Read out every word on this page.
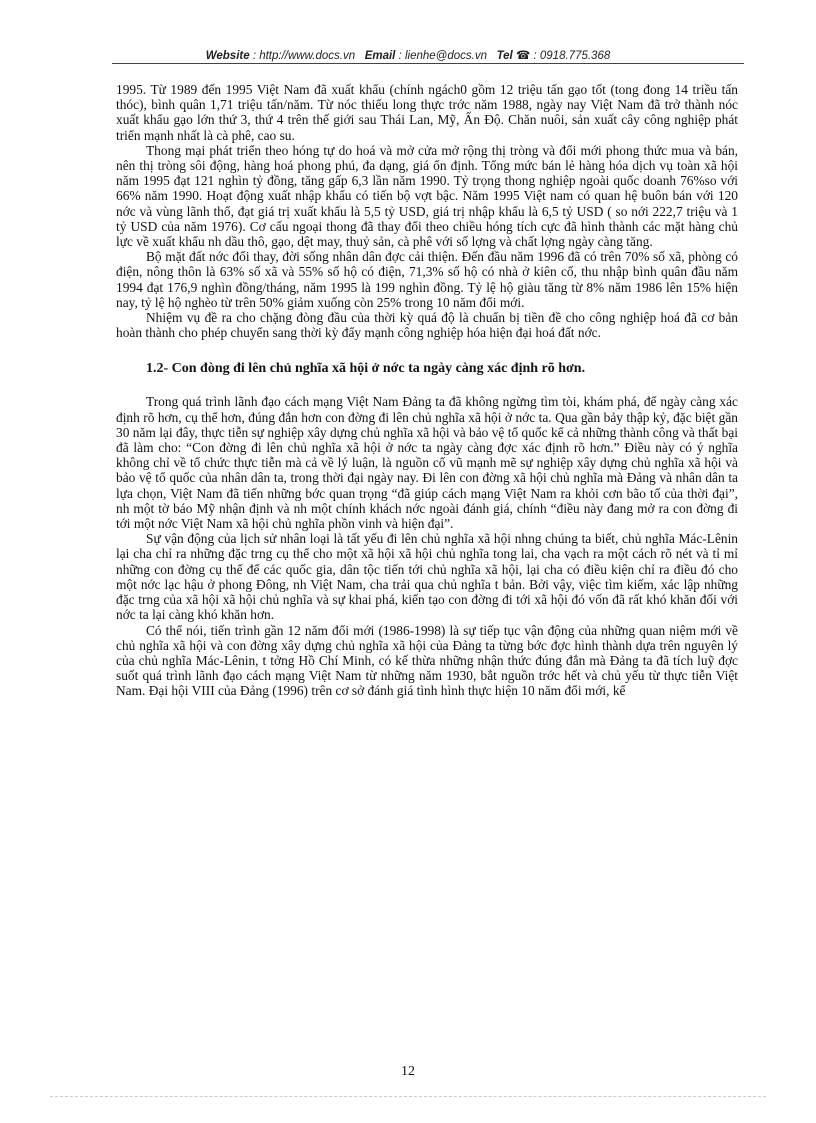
Website : http://www.docs.vn Email : lienhe@docs.vn Tel ☎ : 0918.775.368

1995. Từ 1989 đến 1995 Việt Nam đã xuất khẩu (chính ngách0 gồm 12 triệu tấn gạo tốt (tong đong 14 triều tấn thóc), bình quân 1,71 triệu tấn/năm. Từ nóc thiếu long thực trớc năm 1988, ngày nay Việt Nam đã trở thành nóc xuất khẩu gạo lớn thứ 3, thứ 4 trên thế giới sau Thái Lan, Mỹ, Ấn Độ. Chăn nuôi, sản xuất cây công nghiệp phát triển mạnh nhất là cà phê, cao su.

Thong mại phát triển theo hóng tự do hoá và mở cửa mở rộng thị tròng và đổi mới phong thức mua và bán, nên thị tròng sôi động, hàng hoá phong phú, đa dạng, giá ổn định. Tổng mức bán lẻ hàng hóa dịch vụ toàn xã hội năm 1995 đạt 121 nghìn tỷ đồng, tăng gấp 6,3 lần năm 1990. Tỷ trọng thong nghiệp ngoài quốc doanh 76%so với 66% năm 1990. Hoạt động xuất nhập khẩu có tiến bộ vợt bậc. Năm 1995 Việt nam có quan hệ buôn bán với 120 nớc và vùng lãnh thổ, đạt giá trị xuất khẩu là 5,5 tỷ USD, giá trị nhập khẩu là 6,5 tỷ USD ( so nới 222,7 triệu và 1 tỷ USD của năm 1976). Cơ cấu ngoại thong đã thay đổi theo chiều hóng tích cực đã hình thành các mặt hàng chủ lực về xuất khẩu nh dầu thô, gạo, dệt may, thuỷ sản, cà phê với số lợng và chất lợng ngày càng tăng.

Bộ mặt đất nớc đổi thay, đời sống nhân dân đợc cải thiện. Đến đầu năm 1996 đã có trên 70% số xã, phòng có điện, nông thôn là 63% số xã và 55% số hộ có điện, 71,3% số hộ có nhà ở kiên cố, thu nhập bình quân đầu năm 1994 đạt 176,9 nghìn đồng/tháng, năm 1995 là 199 nghìn đồng. Tỷ lệ hộ giàu tăng từ 8% năm 1986 lên 15% hiện nay, tỷ lệ hộ nghèo từ trên 50% giảm xuống còn 25% trong 10 năm đổi mới.

Nhiệm vụ đề ra cho chặng đòng đầu của thời kỳ quá độ là chuẩn bị tiền đề cho công nghiệp hoá đã cơ bản hoàn thành cho phép chuyển sang thời kỳ đẩy mạnh công nghiệp hóa hiện đại hoá đất nớc.

1.2- Con đòng đi lên chủ nghĩa xã hội ở nớc ta ngày càng xác định rõ hơn.

Trong quá trình lãnh đạo cách mạng Việt Nam Đảng ta đã không ngừng tìm tòi, khám phá, để ngày càng xác định rõ hơn, cụ thể hơn, đúng đắn hơn con đờng đi lên chủ nghĩa xã hội ở nớc ta. Qua gần bảy thập kỷ, đặc biệt gần 30 năm lại đây, thực tiễn sự nghiệp xây dựng chủ nghĩa xã hội và bảo vệ tổ quốc kể cả những thành công và thất bại đã làm cho: “Con đờng đi lên chủ nghĩa xã hội ở nớc ta ngày càng đợc xác định rõ hơn.” Điều này có ý nghĩa không chỉ về tổ chức thực tiễn mà cả về lý luận, là nguồn cổ vũ mạnh mẽ sự nghiệp xây dựng chủ nghĩa xã hội và bảo vệ tổ quốc của nhân dân ta, trong thời đại ngày nay. Đi lên con đờng xã hội chủ nghĩa mà Đảng và nhân dân ta lựa chọn, Việt Nam đã tiến những bớc quan trọng “đã giúp cách mạng Việt Nam ra khỏi cơn bão tố của thời đại”, nh một tờ báo Mỹ nhận định và nh một chính khách nớc ngoài đánh giá, chính “điều này đang mở ra con đờng đi tới một nớc Việt Nam xã hội chủ nghĩa phồn vinh và hiện đại”.

Sự vận động của lịch sử nhân loại là tất yếu đi lên chủ nghĩa xã hội nhng chúng ta biết, chủ nghĩa Mác-Lênin lại cha chỉ ra những đặc trng cụ thể cho một xã hội xã hội chủ nghĩa tong lai, cha vạch ra một cách rõ nét và tỉ mỉ những con đờng cụ thể để các quốc gia, dân tộc tiến tới chủ nghĩa xã hội, lại cha có điều kiện chỉ ra điều đó cho một nớc lạc hậu ở phong Đông, nh Việt Nam, cha trải qua chủ nghĩa t bản. Bởi vậy, việc tìm kiếm, xác lập những đặc trng của xã hội xã hội chủ nghĩa và sự khai phá, kiến tạo con đờng đi tới xã hội đó vốn đã rất khó khăn đối với nớc ta lại càng khó khăn hơn.

Có thể nói, tiến trình gần 12 năm đổi mới (1986-1998) là sự tiếp tục vận động của những quan niệm mới về chủ nghĩa xã hội và con đờng xây dựng chủ nghĩa xã hội của Đảng ta từng bớc đợc hình thành dựa trên nguyên lý của chủ nghĩa Mác-Lênin, t tởng Hồ Chí Minh, có kế thừa những nhận thức đúng đắn mà Đảng ta đã tích luỹ đợc suốt quá trình lãnh đạo cách mạng Việt Nam từ những năm 1930, bắt nguồn trớc hết và chủ yếu từ thực tiễn Việt Nam. Đại hội VIII của Đảng (1996) trên cơ sở đánh giá tình hình thực hiện 10 năm đổi mới, kể

12
